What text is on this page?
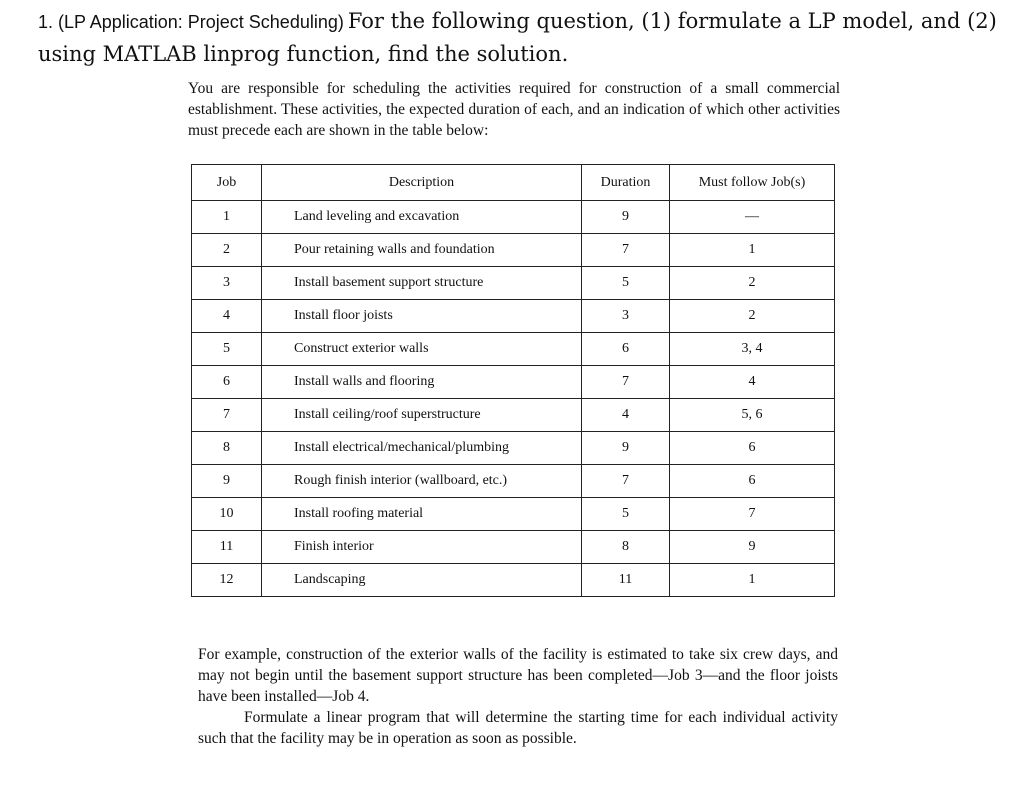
1. (LP Application: Project Scheduling) For the following question, (1) formulate a LP model, and (2) using MATLAB linprog function, find the solution.
You are responsible for scheduling the activities required for construction of a small commercial establishment. These activities, the expected duration of each, and an indication of which other activities must precede each are shown in the table below:
Job	Description	Duration	Must follow Job(s)
1	Land leveling and excavation	9	—
2	Pour retaining walls and foundation	7	1
3	Install basement support structure	5	2
4	Install floor joists	3	2
5	Construct exterior walls	6	3, 4
6	Install walls and flooring	7	4
7	Install ceiling/roof superstructure	4	5, 6
8	Install electrical/mechanical/plumbing	9	6
9	Rough finish interior (wallboard, etc.)	7	6
10	Install roofing material	5	7
11	Finish interior	8	9
12	Landscaping	11	1

For example, construction of the exterior walls of the facility is estimated to take six crew days, and may not begin until the basement support structure has been completed—Job 3—and the floor joists have been installed—Job 4.

Formulate a linear program that will determine the starting time for each individual activity such that the facility may be in operation as soon as possible.
